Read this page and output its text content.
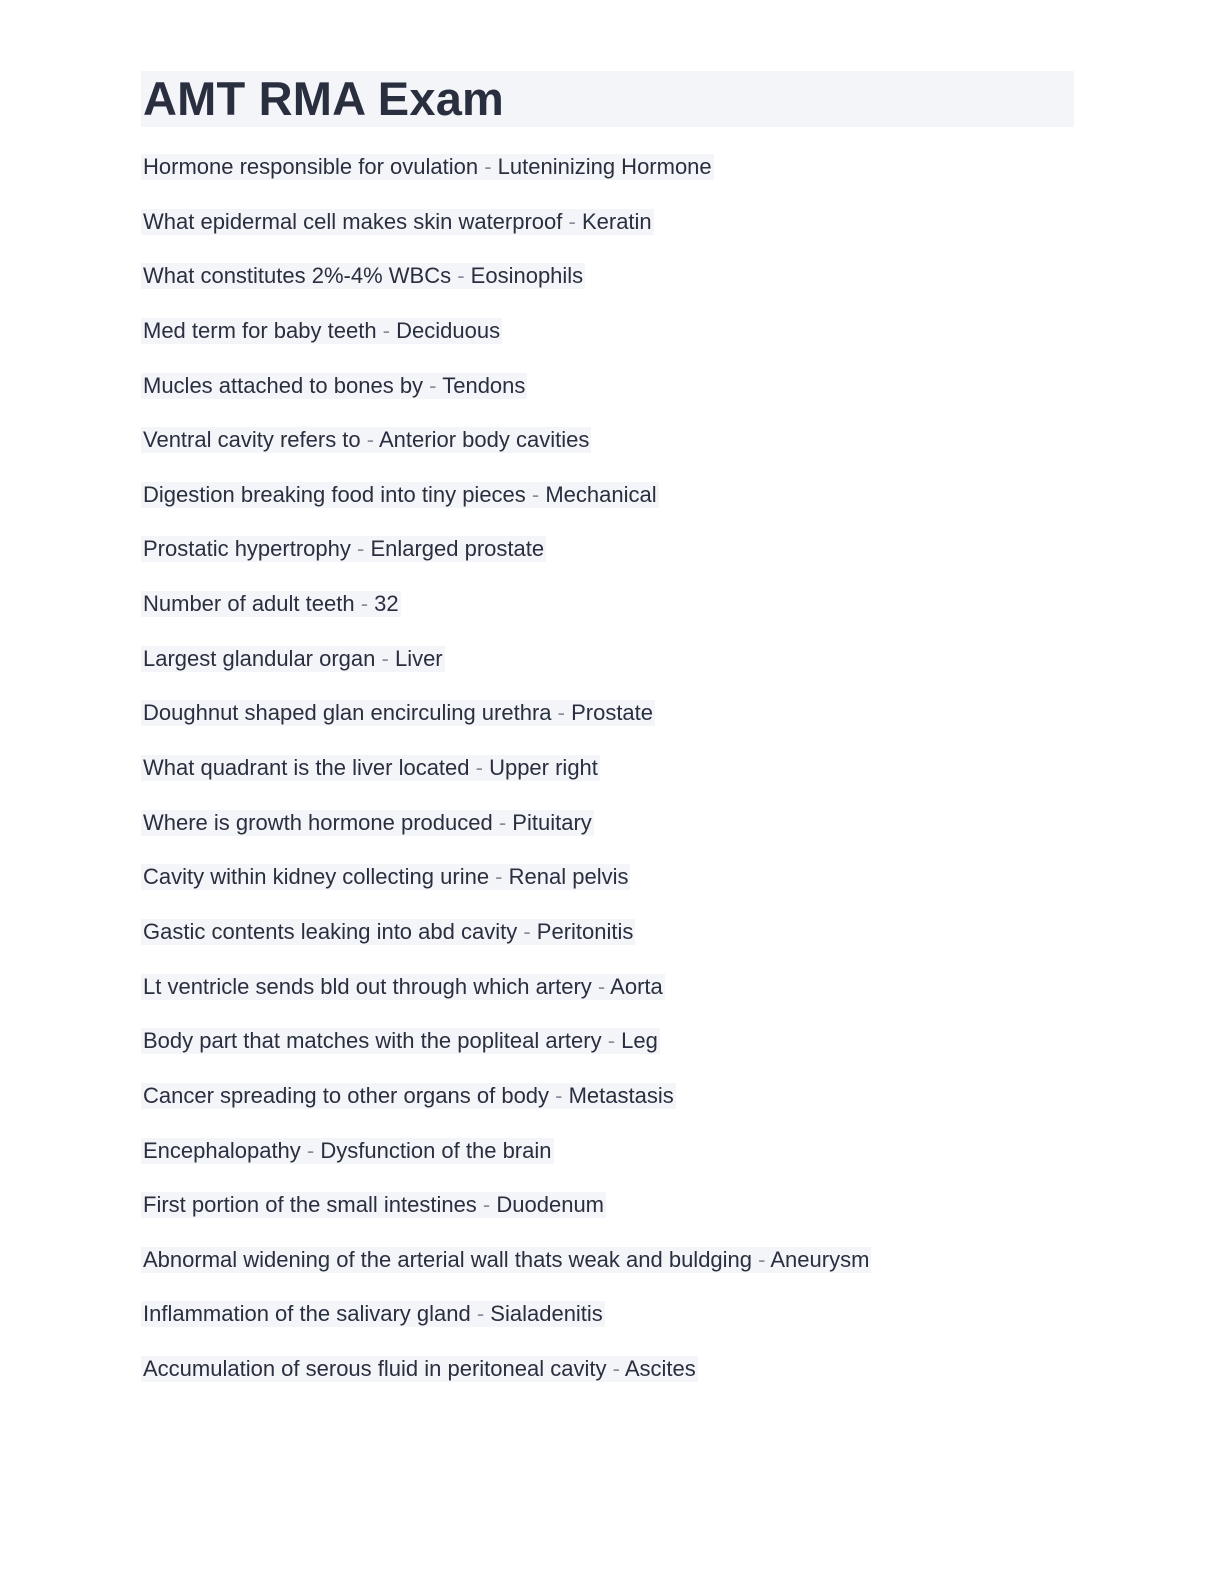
AMT RMA Exam
Hormone responsible for ovulation - Luteninizing Hormone
What epidermal cell makes skin waterproof - Keratin
What constitutes 2%-4% WBCs - Eosinophils
Med term for baby teeth - Deciduous
Mucles attached to bones by - Tendons
Ventral cavity refers to - Anterior body cavities
Digestion breaking food into tiny pieces - Mechanical
Prostatic hypertrophy - Enlarged prostate
Number of adult teeth - 32
Largest glandular organ - Liver
Doughnut shaped glan encirculing urethra - Prostate
What quadrant is the liver located - Upper right
Where is growth hormone produced - Pituitary
Cavity within kidney collecting urine - Renal pelvis
Gastic contents leaking into abd cavity - Peritonitis
Lt ventricle sends bld out through which artery - Aorta
Body part that matches with the popliteal artery - Leg
Cancer spreading to other organs of body - Metastasis
Encephalopathy - Dysfunction of the brain
First portion of the small intestines - Duodenum
Abnormal widening of the arterial wall thats weak and buldging - Aneurysm
Inflammation of the salivary gland - Sialadenitis
Accumulation of serous fluid in peritoneal cavity - Ascites
